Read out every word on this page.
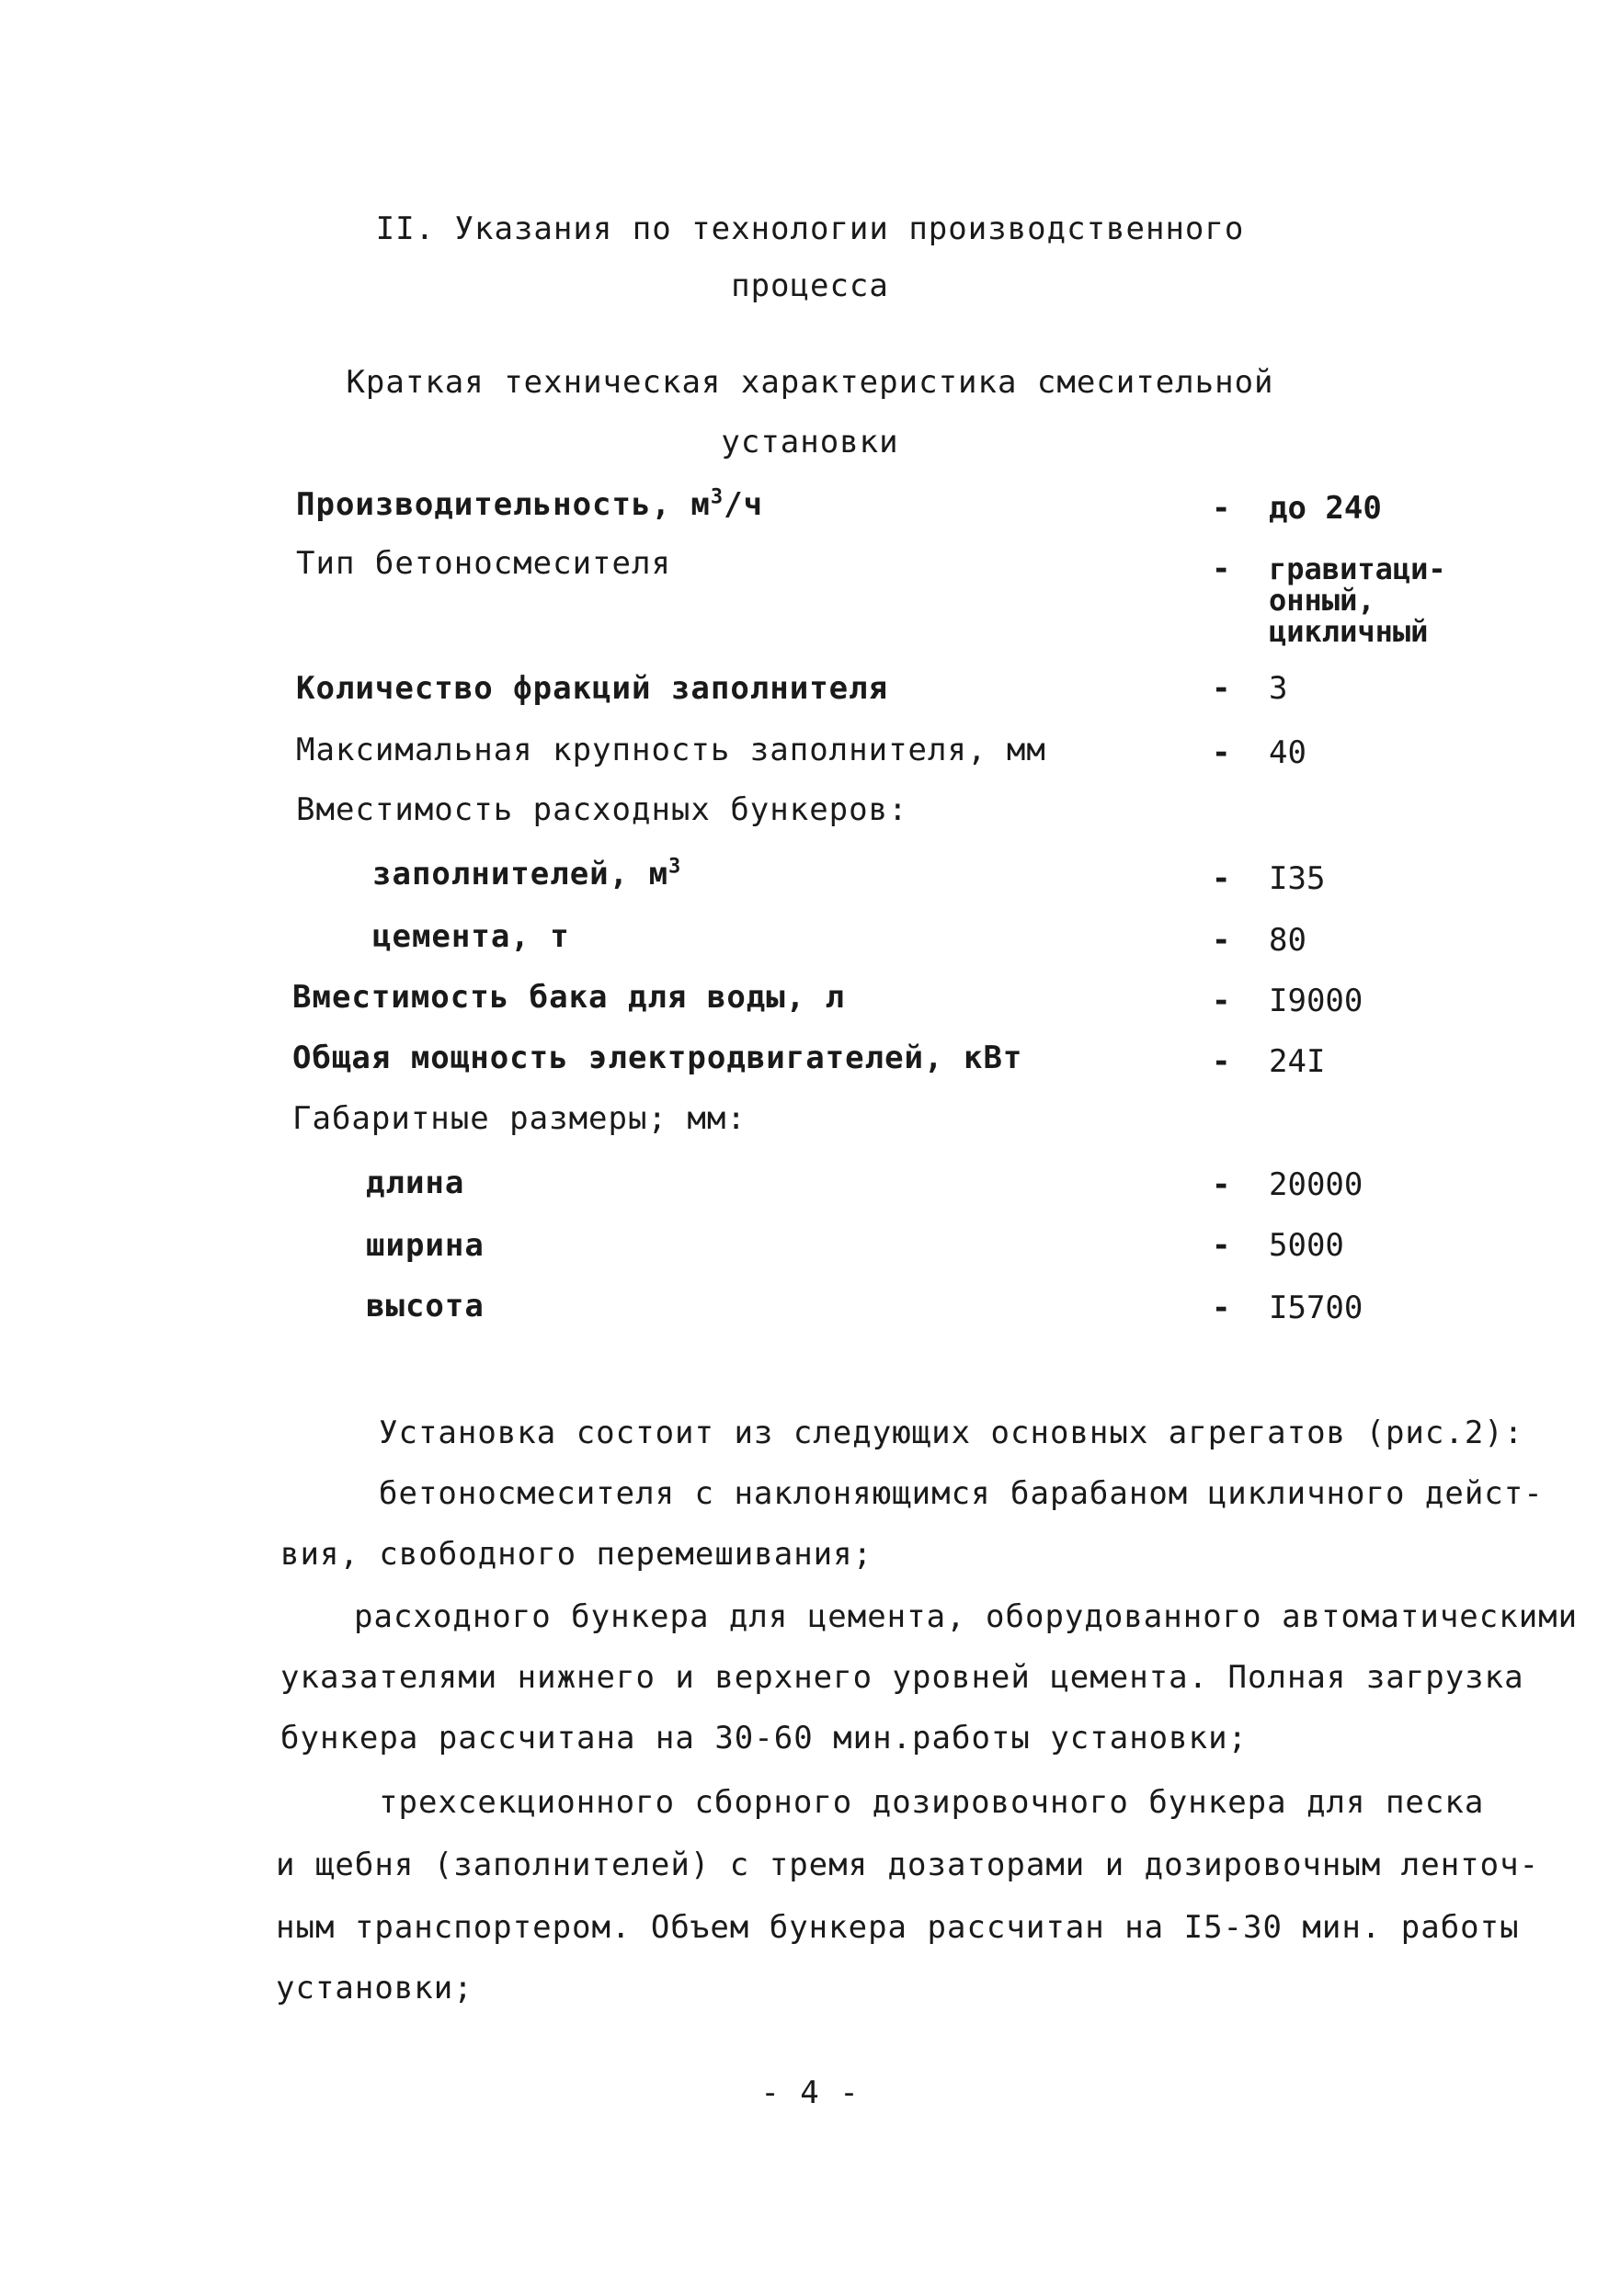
II. Указания по технологии производственного
процесса
Краткая техническая характеристика смесительной
установки
Производительность, $м^3/ч$	- до 240
Тип бетоносмесителя	- гравитаци-
онный,
цикличный
Количество фракций заполнителя	- 3
Максимальная крупность заполнителя, мм	- 40
Вместимость расходных бункеров:
заполнителей, $м^3$	- I35
цемента, т	- 80
Вместимость бака для воды, л	- I9000
Общая мощность электродвигателей, кВт	- 24I
Габаритные размеры; мм:
длина	- 20000
ширина	- 5000
высота	- I5700
Установка состоит из следующих основных агрегатов (рис.2):
бетоносмесителя с наклоняющимся барабаном цикличного дейст-
вия, свободного перемешивания;
расходного бункера для цемента, оборудованного автоматическими
указателями нижнего и верхнего уровней цемента. Полная загрузка
бункера рассчитана на 30-60 мин.работы установки;
трехсекционного сборного дозировочного бункера для песка
и щебня (заполнителей) с тремя дозаторами и дозировочным ленточ-
ным транспортером. Объем бункера рассчитан на I5-30 мин. работы
установки;
- 4 -
